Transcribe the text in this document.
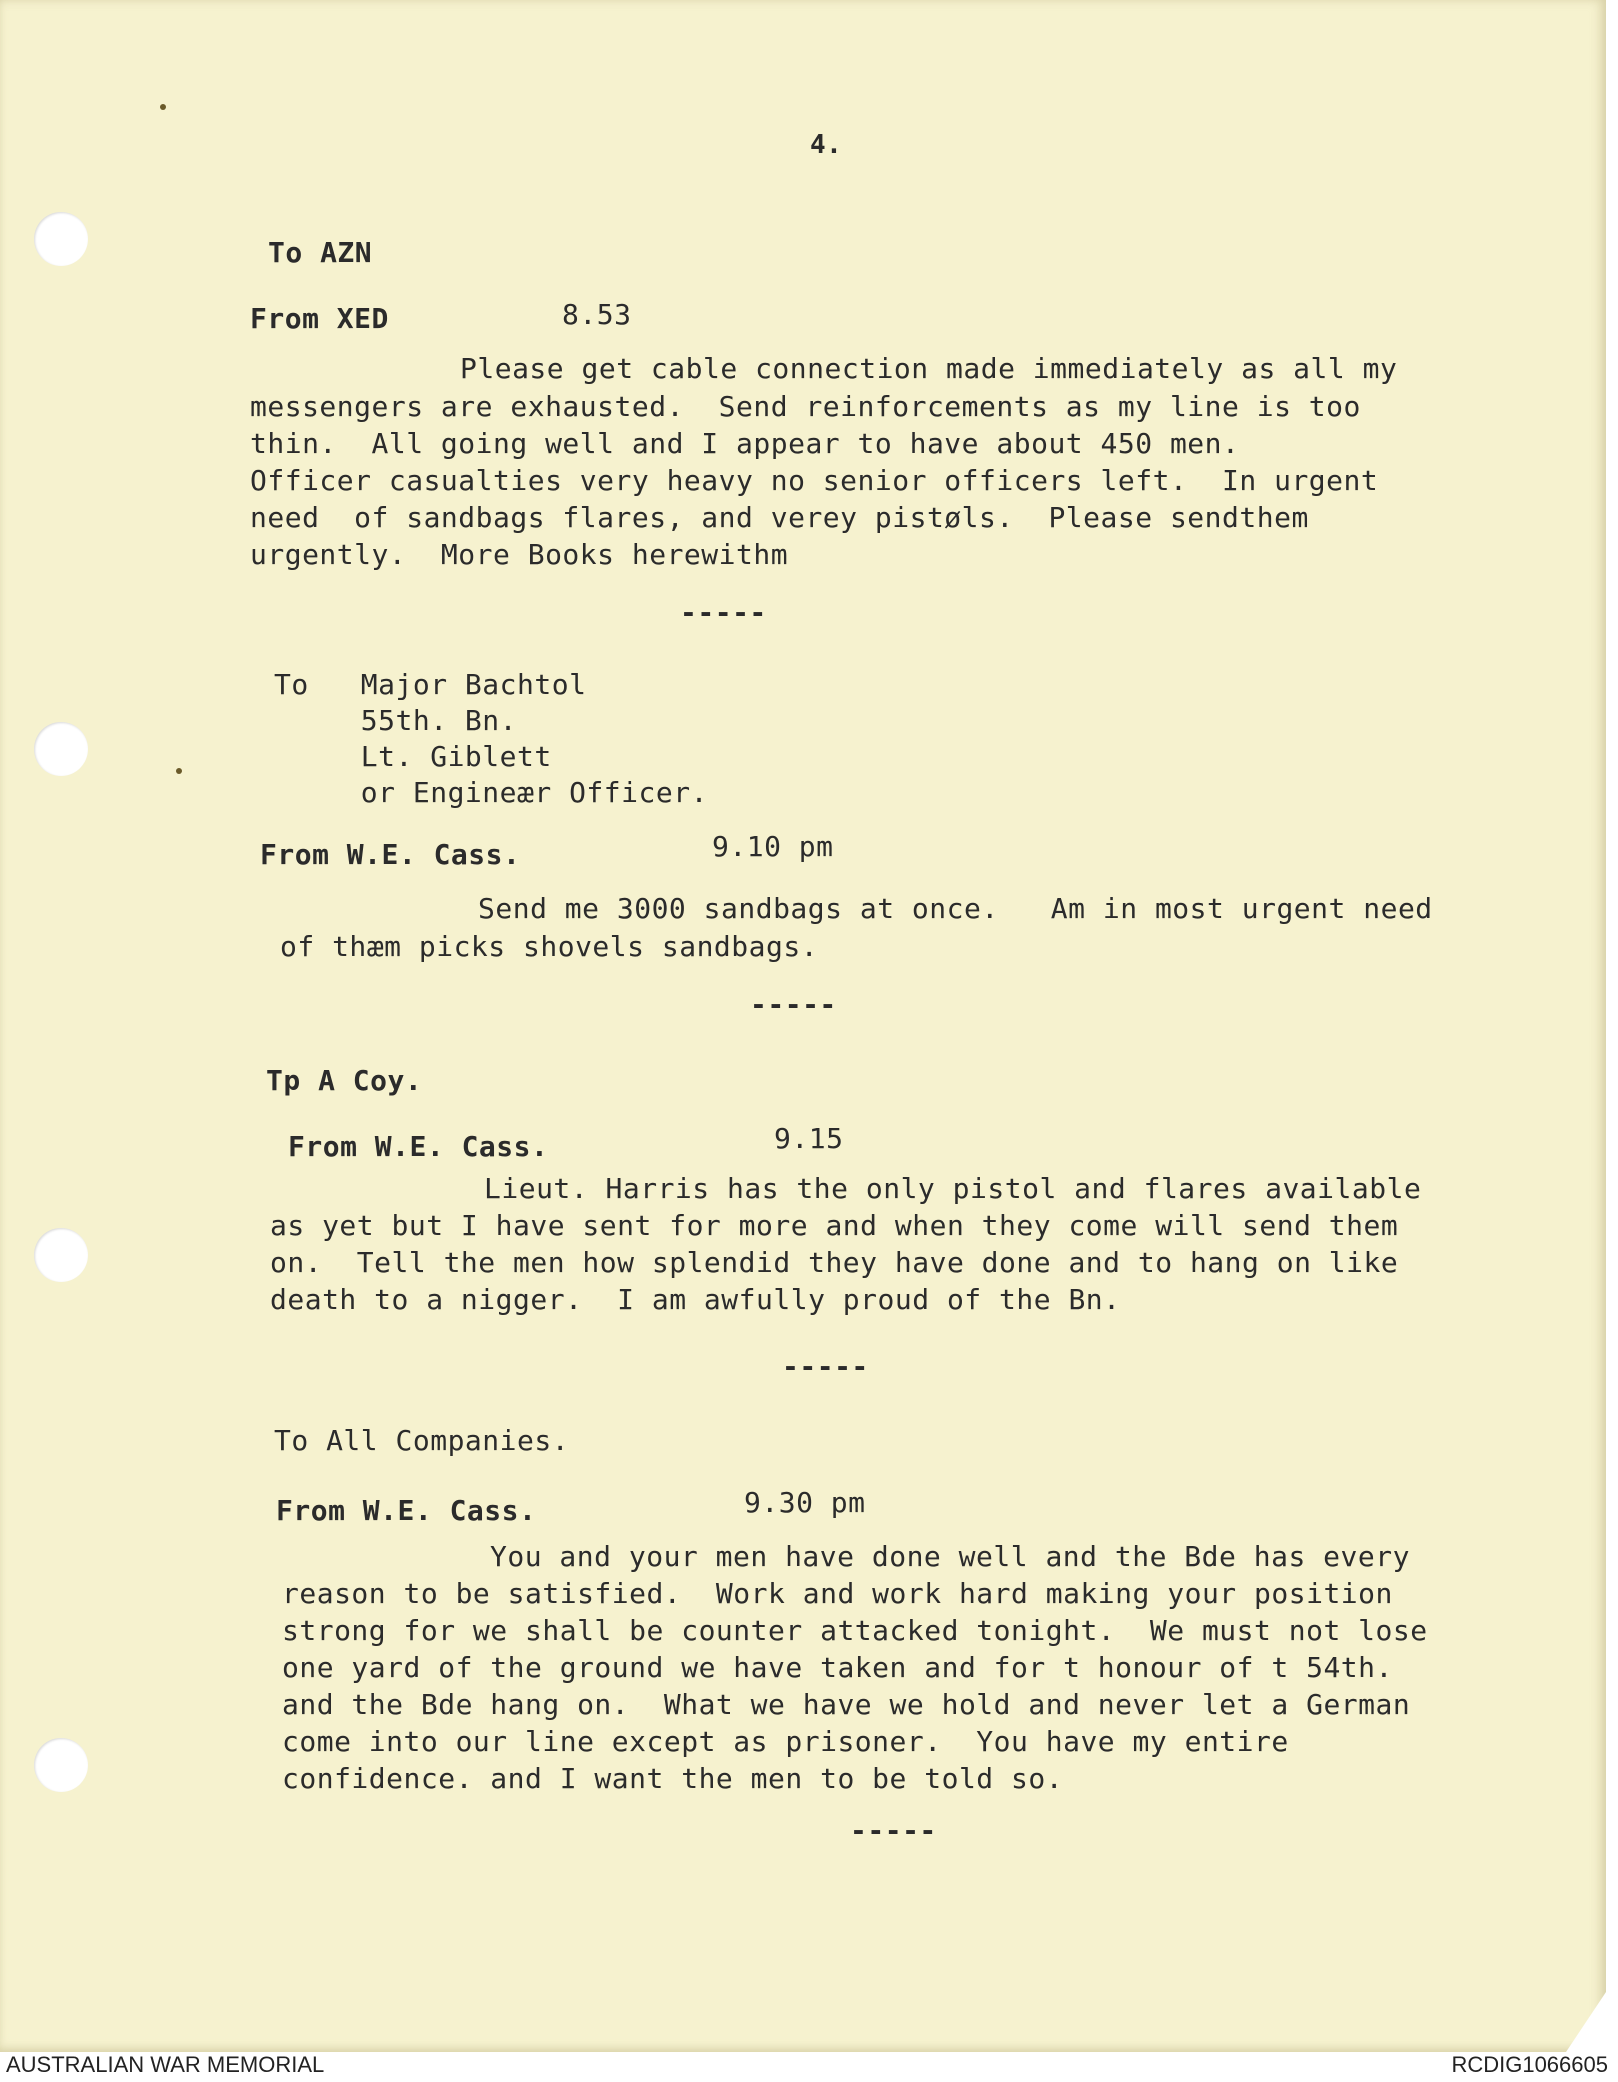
4.

To AZN

From XED	8.53

Please get cable connection made immediately as all my

messengers are exhausted.  Send reinforcements as my line is too

thin.  All going well and I appear to have about 450 men.

Officer casualties very heavy no senior officers left.  In urgent

need  of sandbags flares, and verey pistøls.  Please sendthem

urgently.  More Books herewithm

-----

To   Major Bachtol

55th. Bn.

Lt. Giblett

or Engineær Officer.

From W.E. Cass.	9.10 pm

Send me 3000 sandbags at once.   Am in most urgent need

of thæm picks shovels sandbags.

-----

Tp A Coy.

From W.E. Cass.	9.15

Lieut. Harris has the only pistol and flares available

as yet but I have sent for more and when they come will send them

on.  Tell the men how splendid they have done and to hang on like

death to a nigger.  I am awfully proud of the Bn.

-----

To All Companies.

From W.E. Cass.	9.30 pm

You and your men have done well and the Bde has every

reason to be satisfied.  Work and work hard making your position

strong for we shall be counter attacked tonight.  We must not lose

one yard of the ground we have taken and for t honour of t 54th.

and the Bde hang on.  What we have we hold and never let a German

come into our line except as prisoner.  You have my entire

confidence. and I want the men to be told so.

-----

AUSTRALIAN WAR MEMORIAL	RCDIG1066605
